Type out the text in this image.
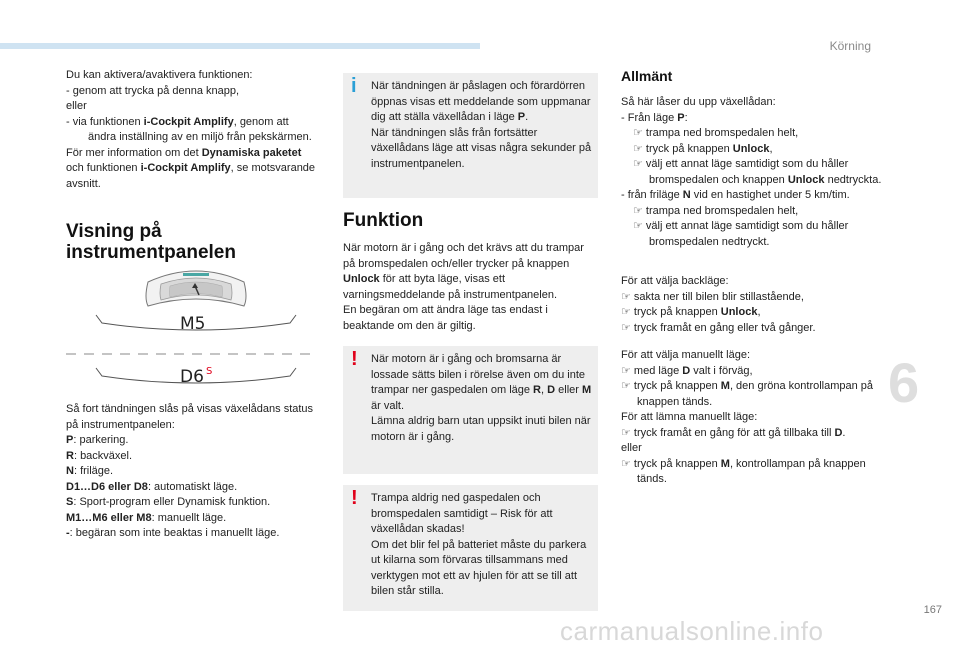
Körning

Du kan aktivera/avaktivera funktionen:

- genom att trycka på denna knapp,

eller

- via funktionen i-Cockpit Amplify, genom att ändra inställning av en miljö från pekskärmen.

För mer information om det Dynamiska paketet och funktionen i-Cockpit Amplify, se motsvarande avsnitt.

Visning på instrumentpanelen
M5
D6 S

Så fort tändningen slås på visas växelådans status på instrumentpanelen:

P: parkering.

R: backväxel.

N: friläge.

D1…D6 eller D8: automatiskt läge.

S: Sport-program eller Dynamisk funktion.

M1…M6 eller M8: manuellt läge.

-: begäran som inte beaktas i manuellt läge.

i När tändningen är påslagen och förardörren öppnas visas ett meddelande som uppmanar dig att ställa växellådan i läge P.

När tändningen slås från fortsätter växellådans läge att visas några sekunder på instrumentpanelen.

Funktion

När motorn är i gång och det krävs att du trampar på bromspedalen och/eller trycker på knappen Unlock för att byta läge, visas ett varningsmeddelande på instrumentpanelen.

En begäran om att ändra läge tas endast i beaktande om den är giltig.

! När motorn är i gång och bromsarna är lossade sätts bilen i rörelse även om du inte trampar ner gaspedalen om läge R, D eller M är valt.

Lämna aldrig barn utan uppsikt inuti bilen när motorn är i gång.

! Trampa aldrig ned gaspedalen och bromspedalen samtidigt – Risk för att växellådan skadas!

Om det blir fel på batteriet måste du parkera ut kilarna som förvaras tillsammans med verktygen mot ett av hjulen för att se till att bilen står stilla.

Allmänt

Så här låser du upp växellådan:

- Från läge P:

☞ trampa ned bromspedalen helt,

☞ tryck på knappen Unlock,

☞ välj ett annat läge samtidigt som du håller bromspedalen och knappen Unlock nedtryckta.

- från friläge N vid en hastighet under 5 km/tim.

☞ trampa ned bromspedalen helt,

☞ välj ett annat läge samtidigt som du håller bromspedalen nedtryckt.

För att välja backläge:

☞ sakta ner till bilen blir stillastående,

☞ tryck på knappen Unlock,

☞ tryck framåt en gång eller två gånger.

För att välja manuellt läge:

☞ med läge D valt i förväg,

☞ tryck på knappen M, den gröna kontrollampan på knappen tänds.

För att lämna manuellt läge:

☞ tryck framåt en gång för att gå tillbaka till D.

eller

☞ tryck på knappen M, kontrollampan på knappen tänds.

6
167
carmanualsonline.info
